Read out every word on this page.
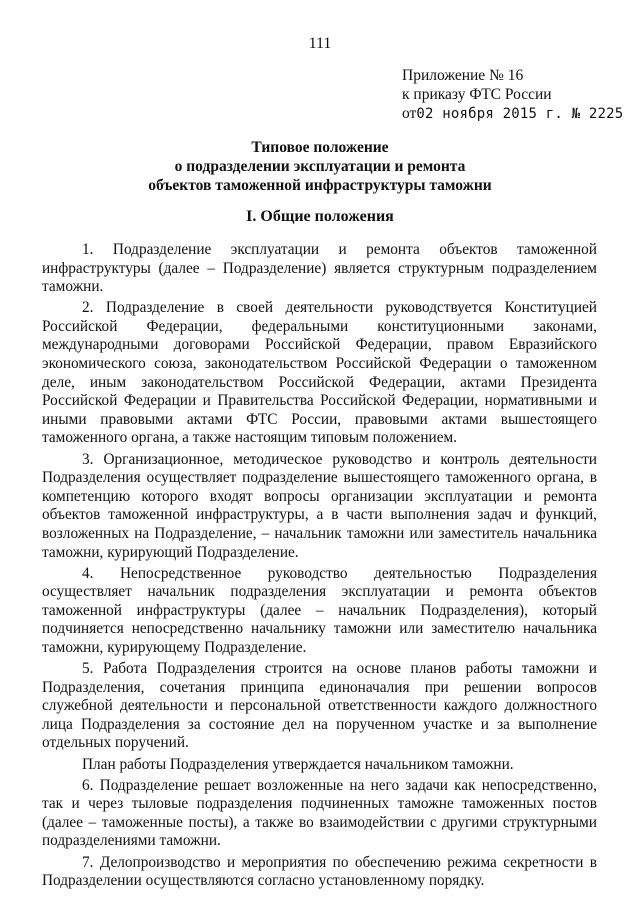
111
Приложение № 16
к приказу ФТС России
от02 ноября 2015 г. № 2225
Типовое положение
о подразделении эксплуатации и ремонта
объектов таможенной инфраструктуры таможни
I. Общие положения

1. Подразделение эксплуатации и ремонта объектов таможенной инфраструктуры (далее – Подразделение) является структурным подразделением таможни.

2. Подразделение в своей деятельности руководствуется Конституцией Российской Федерации, федеральными конституционными законами, международными договорами Российской Федерации, правом Евразийского экономического союза, законодательством Российской Федерации о таможенном деле, иным законодательством Российской Федерации, актами Президента Российской Федерации и Правительства Российской Федерации, нормативными и иными правовыми актами ФТС России, правовыми актами вышестоящего таможенного органа, а также настоящим типовым положением.

3. Организационное, методическое руководство и контроль деятельности Подразделения осуществляет подразделение вышестоящего таможенного органа, в компетенцию которого входят вопросы организации эксплуатации и ремонта объектов таможенной инфраструктуры, а в части выполнения задач и функций, возложенных на Подразделение, – начальник таможни или заместитель начальника таможни, курирующий Подразделение.

4. Непосредственное руководство деятельностью Подразделения осуществляет начальник подразделения эксплуатации и ремонта объектов таможенной инфраструктуры (далее – начальник Подразделения), который подчиняется непосредственно начальнику таможни или заместителю начальника таможни, курирующему Подразделение.

5. Работа Подразделения строится на основе планов работы таможни и Подразделения, сочетания принципа единоначалия при решении вопросов служебной деятельности и персональной ответственности каждого должностного лица Подразделения за состояние дел на порученном участке и за выполнение отдельных поручений.

План работы Подразделения утверждается начальником таможни.

6. Подразделение решает возложенные на него задачи как непосредственно, так и через тыловые подразделения подчиненных таможне таможенных постов (далее – таможенные посты), а также во взаимодействии с другими структурными подразделениями таможни.

7. Делопроизводство и мероприятия по обеспечению режима секретности в Подразделении осуществляются согласно установленному порядку.
